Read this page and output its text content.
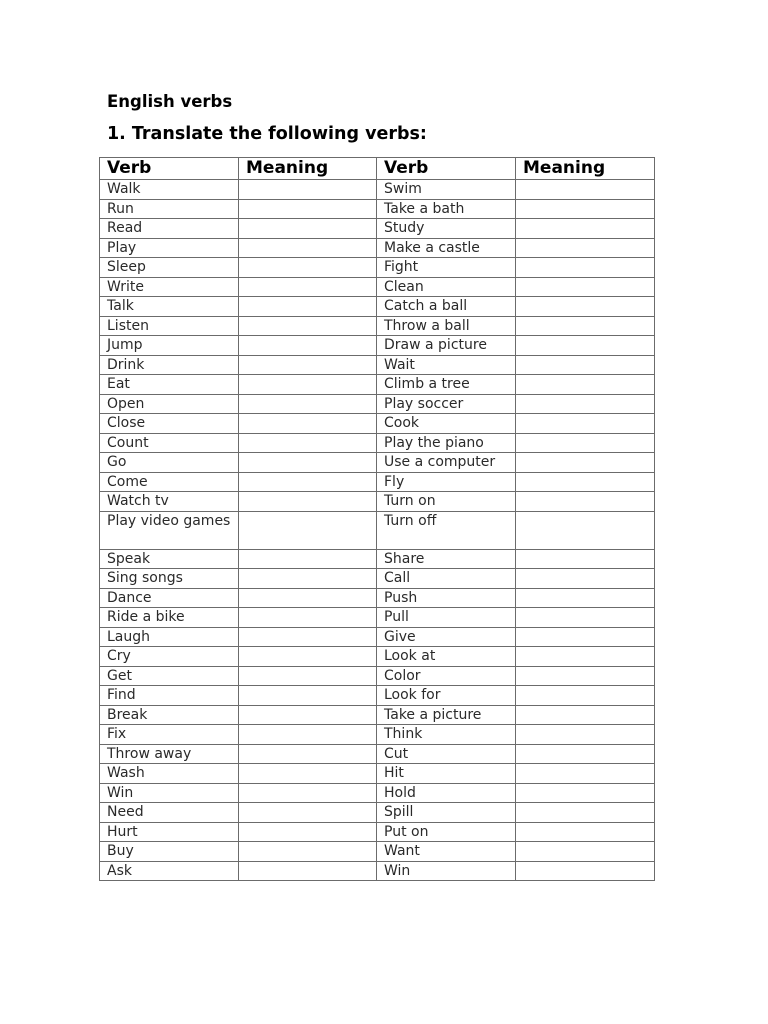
English verbs
1. Translate the following verbs:
Verb	Meaning	Verb	Meaning
Walk		Swim	
Run		Take a bath	
Read		Study	
Play		Make a castle	
Sleep		Fight	
Write		Clean	
Talk		Catch a ball	
Listen		Throw a ball	
Jump		Draw a picture	
Drink		Wait	
Eat		Climb a tree	
Open		Play soccer	
Close		Cook	
Count		Play the piano	
Go		Use a computer	
Come		Fly	
Watch tv		Turn on	
Play video games		Turn off	
Speak		Share	
Sing songs		Call	
Dance		Push	
Ride a bike		Pull	
Laugh		Give	
Cry		Look at	
Get		Color	
Find		Look for	
Break		Take a picture	
Fix		Think	
Throw away		Cut	
Wash		Hit	
Win		Hold	
Need		Spill	
Hurt		Put on	
Buy		Want	
Ask		Win	
